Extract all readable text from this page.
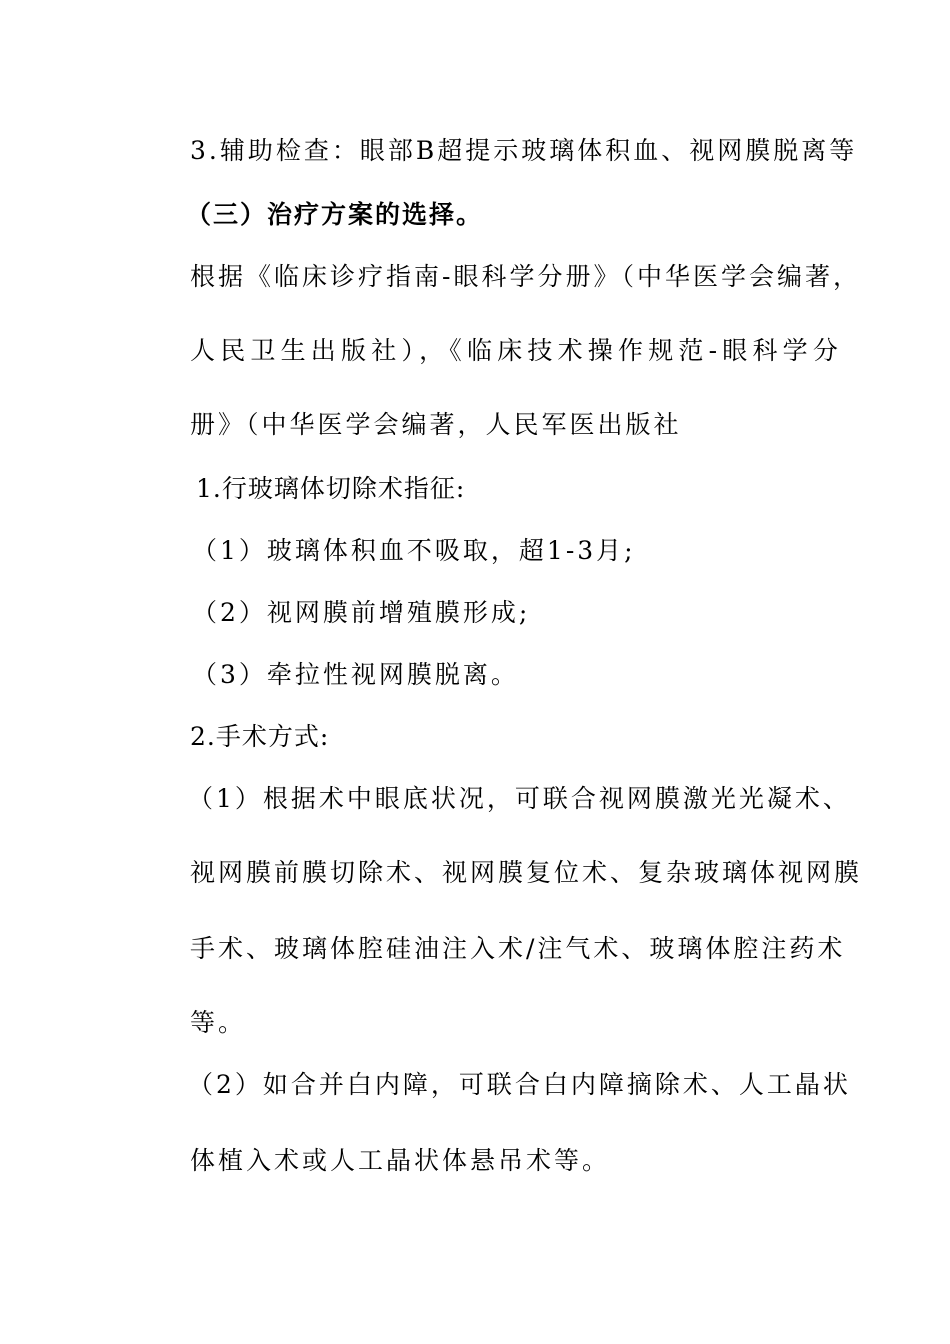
3.辅助检查：眼部B超提示玻璃体积血、视网膜脱离等
（三）治疗方案的选择。
根据《临床诊疗指南-眼科学分册》（中华医学会编著，
人民卫生出版社），《临床技术操作规范-眼科学分
册》（中华医学会编著，人民军医出版社
1.行玻璃体切除术指征:
（1）玻璃体积血不吸取，超1-3月;
（2）视网膜前增殖膜形成;
（3）牵拉性视网膜脱离。
2.手术方式:
（1）根据术中眼底状况，可联合视网膜激光光凝术、
视网膜前膜切除术、视网膜复位术、复杂玻璃体视网膜
手术、玻璃体腔硅油注入术/注气术、玻璃体腔注药术
等。
（2）如合并白内障，可联合白内障摘除术、人工晶状
体植入术或人工晶状体悬吊术等。
